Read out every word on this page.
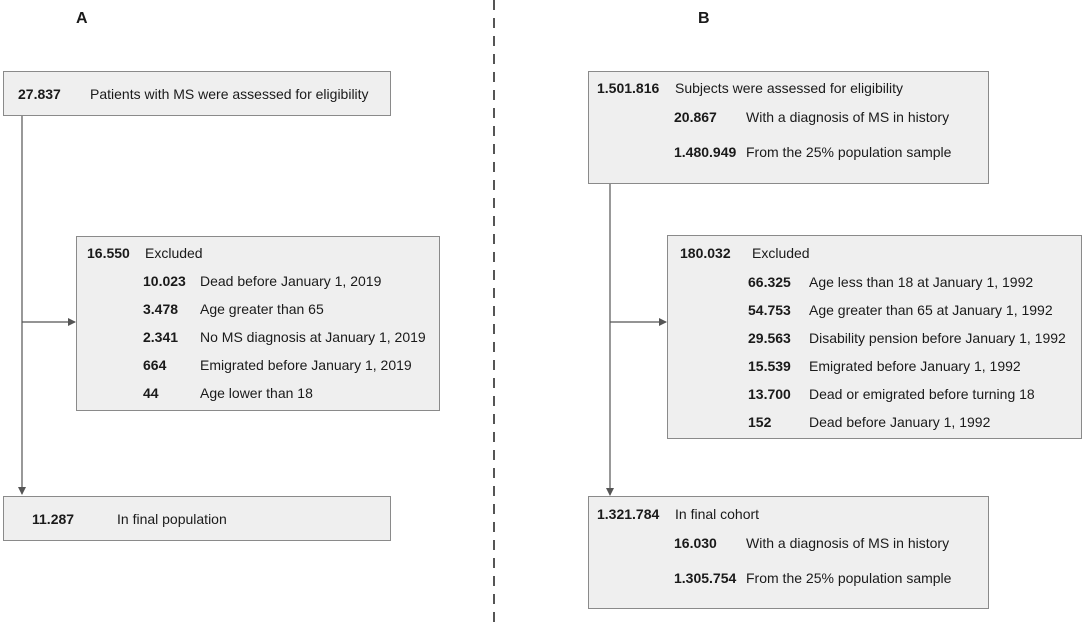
A	B
27.837 Patients with MS were assessed for eligibility
16.550 Excluded
10.023 Dead before January 1, 2019
3.478 Age greater than 65
2.341 No MS diagnosis at January 1, 2019
664 Emigrated before January 1, 2019
44	Age lower than 18
11.287	In final population
1.501.816 Subjects were assessed for eligibility
20.867 With a diagnosis of MS in history
1.480.949 From the 25% population sample
180.032 Excluded
66.325 Age less than 18 at January 1, 1992
54.753 Age greater than 65 at January 1, 1992
29.563 Disability pension before January 1, 1992
15.539 Emigrated before January 1, 1992
13.700 Dead or emigrated before turning 18
152	Dead before January 1, 1992
1.321.784 In final cohort
16.030 With a diagnosis of MS in history
1.305.754 From the 25% population sample
